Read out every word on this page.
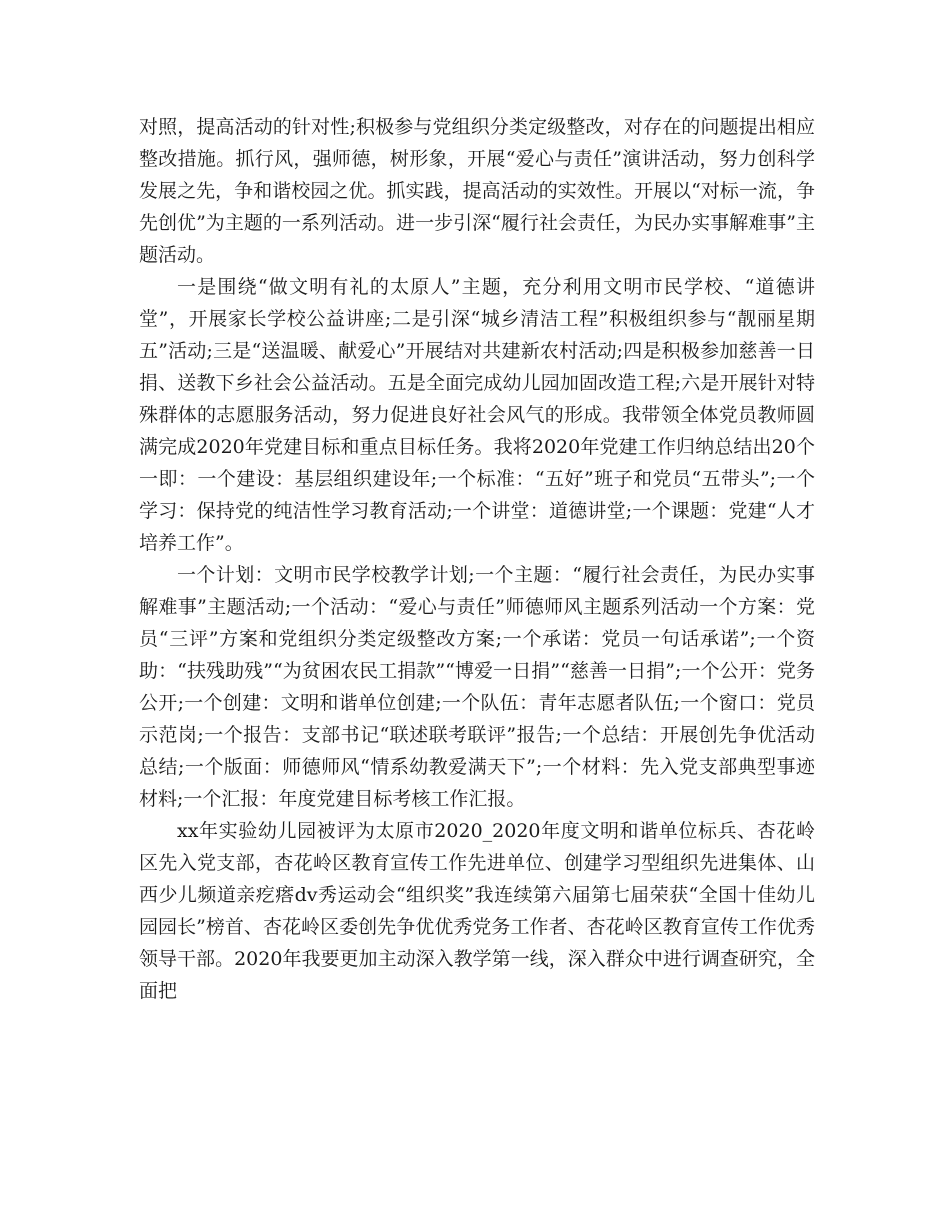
对照，提高活动的针对性;积极参与党组织分类定级整改，对存在的问题提出相应整改措施。抓行风，强师德，树形象，开展“爱心与责任”演讲活动，努力创科学发展之先，争和谐校园之优。抓实践，提高活动的实效性。开展以“对标一流，争先创优”为主题的一系列活动。进一步引深“履行社会责任，为民办实事解难事”主题活动。

一是围绕“做文明有礼的太原人”主题，充分利用文明市民学校、“道德讲堂”，开展家长学校公益讲座;二是引深“城乡清洁工程”积极组织参与“靓丽星期五”活动;三是“送温暖、献爱心”开展结对共建新农村活动;四是积极参加慈善一日捐、送教下乡社会公益活动。五是全面完成幼儿园加固改造工程;六是开展针对特殊群体的志愿服务活动，努力促进良好社会风气的形成。我带领全体党员教师圆满完成2020年党建目标和重点目标任务。我将2020年党建工作归纳总结出20个一即：一个建设：基层组织建设年;一个标准：“五好”班子和党员“五带头”;一个学习：保持党的纯洁性学习教育活动;一个讲堂：道德讲堂;一个课题：党建“人才培养工作”。

一个计划：文明市民学校教学计划;一个主题：“履行社会责任，为民办实事解难事”主题活动;一个活动：“爱心与责任”师德师风主题系列活动一个方案：党员“三评”方案和党组织分类定级整改方案;一个承诺：党员一句话承诺”;一个资助：“扶残助残”“为贫困农民工捐款”“博爱一日捐”“慈善一日捐”;一个公开：党务公开;一个创建：文明和谐单位创建;一个队伍：青年志愿者队伍;一个窗口：党员示范岗;一个报告：支部书记“联述联考联评”报告;一个总结：开展创先争优活动总结;一个版面：师德师风“情系幼教爱满天下”;一个材料：先入党支部典型事迹材料;一个汇报：年度党建目标考核工作汇报。

xx年实验幼儿园被评为太原市2020_2020年度文明和谐单位标兵、杏花岭区先入党支部，杏花岭区教育宣传工作先进单位、创建学习型组织先进集体、山西少儿频道亲疙瘩dv秀运动会“组织奖”我连续第六届第七届荣获“全国十佳幼儿园园长”榜首、杏花岭区委创先争优优秀党务工作者、杏花岭区教育宣传工作优秀领导干部。2020年我要更加主动深入教学第一线，深入群众中进行调查研究，全面把
